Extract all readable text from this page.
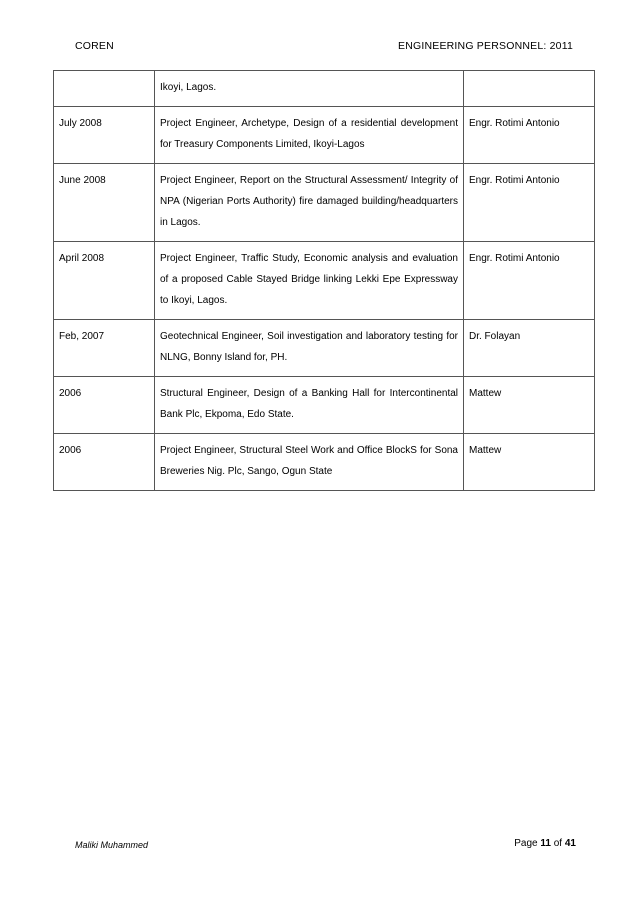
COREN	ENGINEERING PERSONNEL: 2011
	Ikoyi, Lagos.	
July 2008	Project Engineer, Archetype, Design of a residential development for Treasury Components Limited, Ikoyi-Lagos	Engr. Rotimi Antonio
June 2008	Project Engineer, Report on the Structural Assessment/ Integrity of NPA (Nigerian Ports Authority) fire damaged building/headquarters in Lagos.	Engr. Rotimi Antonio
April 2008	Project Engineer, Traffic Study, Economic analysis and evaluation of a proposed Cable Stayed Bridge linking Lekki Epe Expressway to Ikoyi, Lagos.	Engr. Rotimi Antonio
Feb, 2007	Geotechnical Engineer, Soil investigation and laboratory testing for NLNG, Bonny Island for, PH.	Dr. Folayan
2006	Structural Engineer, Design of a Banking Hall for Intercontinental Bank Plc, Ekpoma, Edo State.	Mattew
2006	Project Engineer, Structural Steel Work and Office BlockS for Sona Breweries Nig. Plc, Sango, Ogun State	Mattew
Maliki Muhammed	Page 11 of 41
